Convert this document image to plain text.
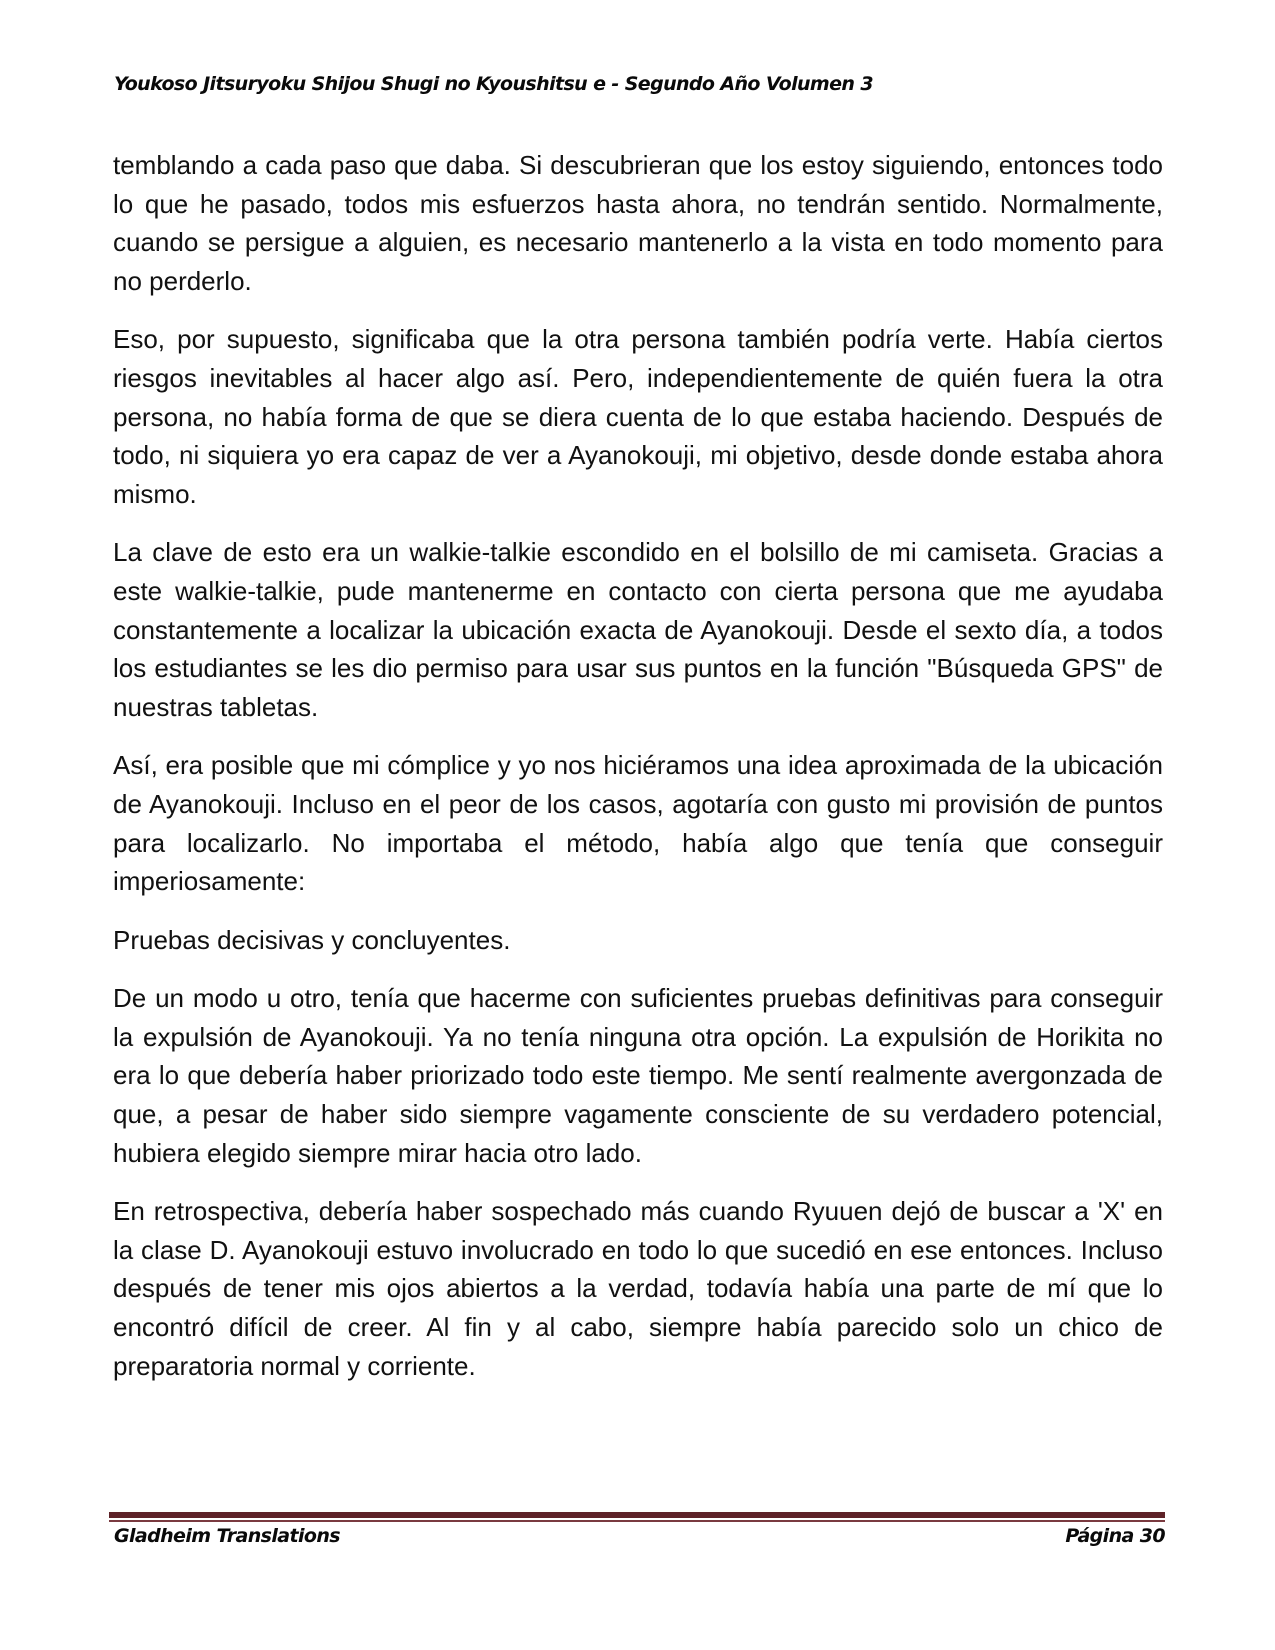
Youkoso Jitsuryoku Shijou Shugi no Kyoushitsu e - Segundo Año Volumen 3

temblando a cada paso que daba. Si descubrieran que los estoy siguiendo, entonces todo lo que he pasado, todos mis esfuerzos hasta ahora, no tendrán sentido. Normalmente, cuando se persigue a alguien, es necesario mantenerlo a la vista en todo momento para no perderlo.

Eso, por supuesto, significaba que la otra persona también podría verte. Había ciertos riesgos inevitables al hacer algo así. Pero, independientemente de quién fuera la otra persona, no había forma de que se diera cuenta de lo que estaba haciendo. Después de todo, ni siquiera yo era capaz de ver a Ayanokouji, mi objetivo, desde donde estaba ahora mismo.

La clave de esto era un walkie-talkie escondido en el bolsillo de mi camiseta. Gracias a este walkie-talkie, pude mantenerme en contacto con cierta persona que me ayudaba constantemente a localizar la ubicación exacta de Ayanokouji. Desde el sexto día, a todos los estudiantes se les dio permiso para usar sus puntos en la función "Búsqueda GPS" de nuestras tabletas.

Así, era posible que mi cómplice y yo nos hiciéramos una idea aproximada de la ubicación de Ayanokouji. Incluso en el peor de los casos, agotaría con gusto mi provisión de puntos para localizarlo. No importaba el método, había algo que tenía que conseguir imperiosamente:

Pruebas decisivas y concluyentes.

De un modo u otro, tenía que hacerme con suficientes pruebas definitivas para conseguir la expulsión de Ayanokouji. Ya no tenía ninguna otra opción. La expulsión de Horikita no era lo que debería haber priorizado todo este tiempo. Me sentí realmente avergonzada de que, a pesar de haber sido siempre vagamente consciente de su verdadero potencial, hubiera elegido siempre mirar hacia otro lado.

En retrospectiva, debería haber sospechado más cuando Ryuuen dejó de buscar a 'X' en la clase D. Ayanokouji estuvo involucrado en todo lo que sucedió en ese entonces. Incluso después de tener mis ojos abiertos a la verdad, todavía había una parte de mí que lo encontró difícil de creer. Al fin y al cabo, siempre había parecido solo un chico de preparatoria normal y corriente.

Gladheim Translations	Página 30
